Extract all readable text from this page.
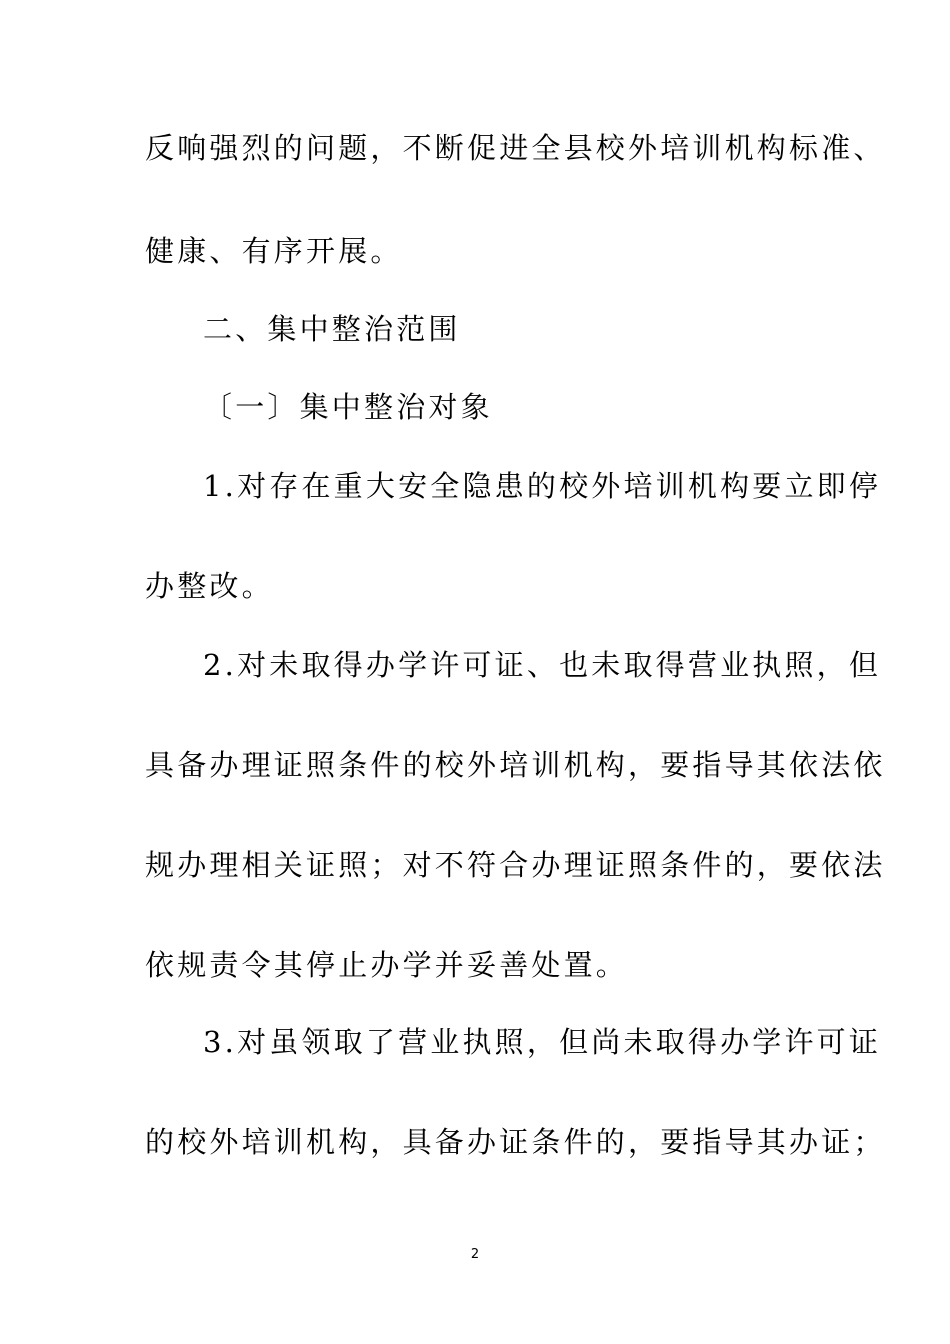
反响强烈的问题，不断促进全县校外培训机构标准、
健康、有序开展。
二、集中整治范围
〔一〕集中整治对象
1.对存在重大安全隐患的校外培训机构要立即停
办整改。
2.对未取得办学许可证、也未取得营业执照，但
具备办理证照条件的校外培训机构，要指导其依法依
规办理相关证照；对不符合办理证照条件的，要依法
依规责令其停止办学并妥善处置。
3.对虽领取了营业执照，但尚未取得办学许可证
的校外培训机构，具备办证条件的，要指导其办证；
2
